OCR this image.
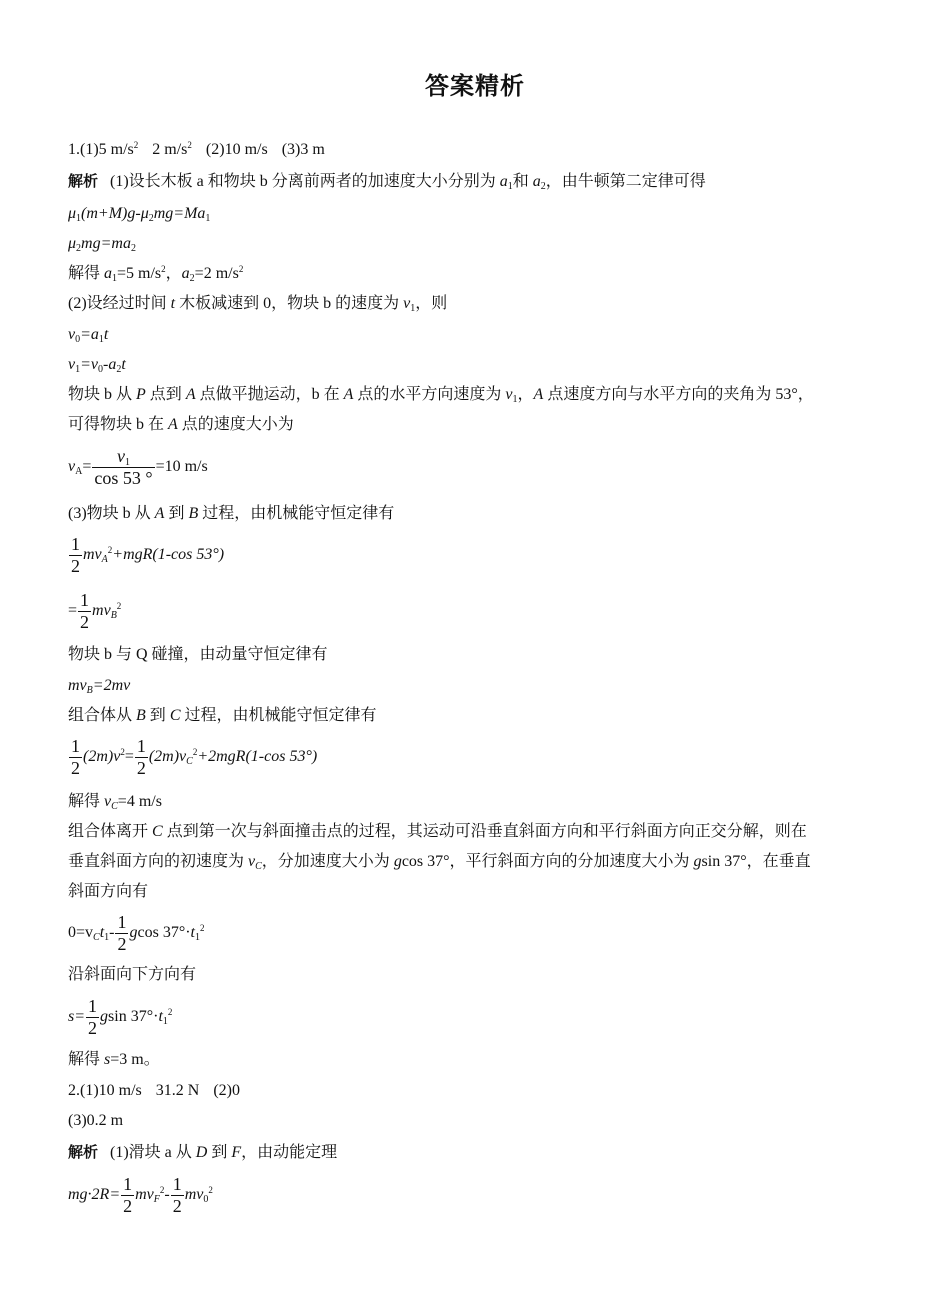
答案精析
1.(1)5 $m/s^2$ 2 $m/s^2$ (2)10 m/s (3)3 m
解析 (1)设长木板 a 和物块 b 分离前两者的加速度大小分别为 $a_1$和 $a_2$，由牛顿第二定律可得
$\mu_1(m+M)g-\mu_2mg=Ma_1$
$\mu_2mg=ma_2$
解得 $a_1=5$ $m/s^2$，$a_2=2$ $m/s^2$
(2)设经过时间 t 木板减速到 0，物块 b 的速度为 $v_1$，则
$v_0=a_1t$
$v_1=v_0-a_2t$
物块 b 从 P 点到 A 点做平抛运动，b 在 A 点的水平方向速度为 $v_1$，A 点速度方向与水平方向的夹角为 53°，
可得物块 b 在 A 点的速度大小为
$v_A= \frac{v_1}{\cos 53 ^\circ} =10$ m/s
(3)物块 b 从 A 到 B 过程，由机械能守恒定律有
$\frac{1}{2} mv_A^2+mgR(1-\cos$ 53°)
= $\frac{1}{2} mv_B^2$
物块 b 与 Q 碰撞，由动量守恒定律有
$mv_B=2mv$
组合体从 B 到 C 过程，由机械能守恒定律有
$\frac{1}{2} (2m)v^2= \frac{1}{2} (2m)v_C^2+2mgR(1-\cos$ 53°)
解得 $v_C=4$ m/s
组合体离开 C 点到第一次与斜面撞击点的过程，其运动可沿垂直斜面方向和平行斜面方向正交分解，则在
垂直斜面方向的初速度为 $v_C$，分加速度大小为 gcos 37°，平行斜面方向的分加速度大小为 gsin 37°，在垂直
斜面方向有
$0=v_Ct_1- \frac{1}{2}$ gcos $37^\circ\cdot t_1^2$
沿斜面向下方向有
$s= \frac{1}{2}$ gsin $37^\circ\cdot t_1^2$
解得 s=3 m。
2.(1)10 m/s 31.2 N (2)0
(3)0.2 m
解析 (1)滑块 a 从 D 到 F，由动能定理
$mg\cdot 2R= \frac{1}{2} mv_F^2- \frac{1}{2} mv_0^2$
